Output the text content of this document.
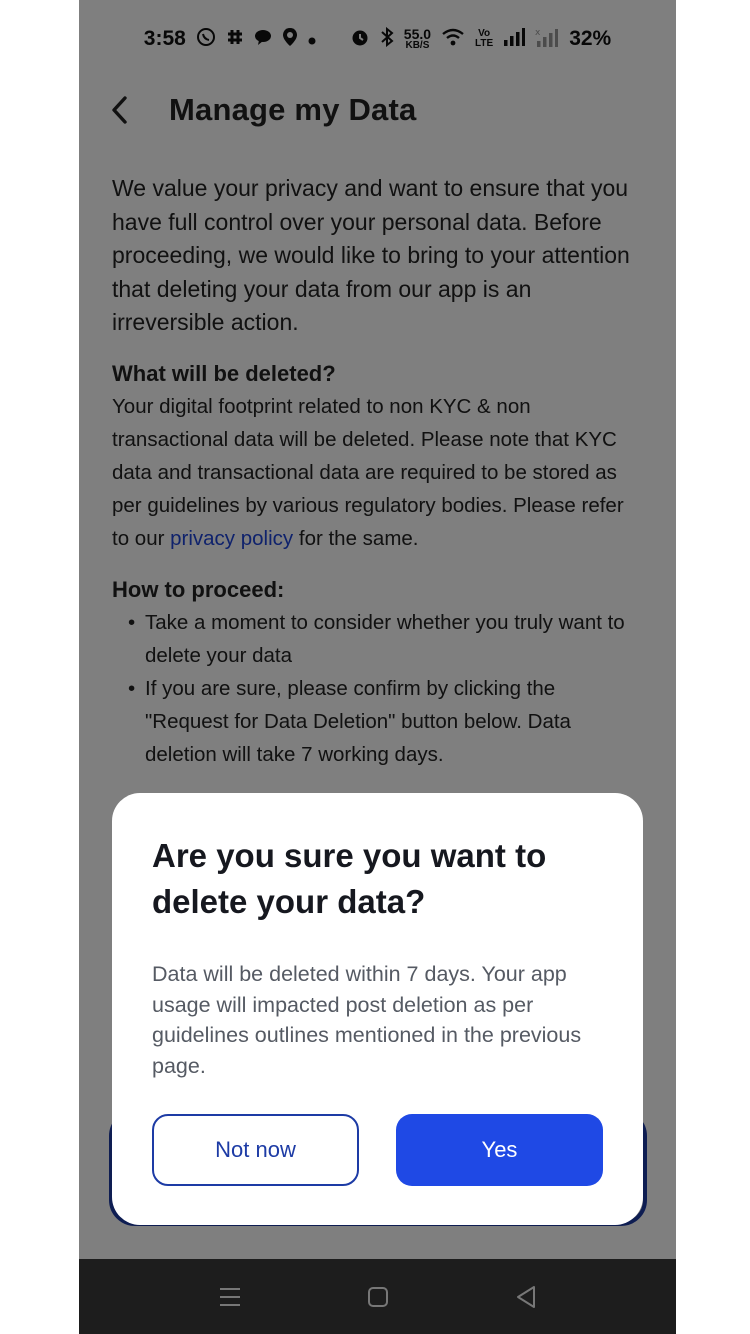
•
•
Are you sure you want to delete your data?
Data will be deleted within 7 days. Your app usage will impacted post deletion as per guidelines outlines mentioned in the previous page.
Not now	Yes
